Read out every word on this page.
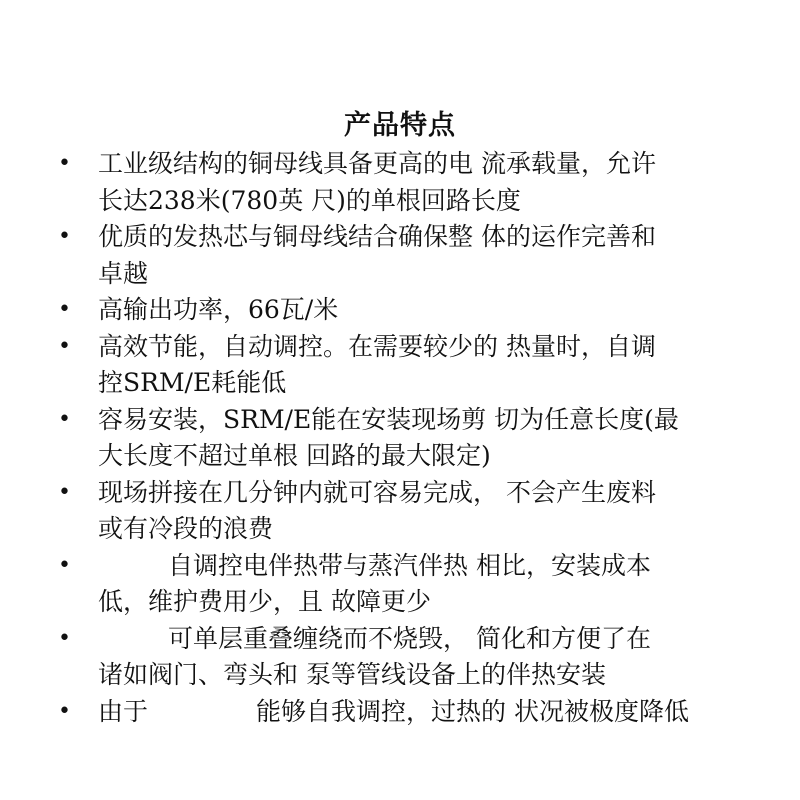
产品特点
• 工业级结构的铜母线具备更高的电 流承载量，允许
长达238米(780英 尺)的单根回路长度
• 优质的发热芯与铜母线结合确保整 体的运作完善和
卓越
• 高输出功率，66瓦/米
• 高效节能，自动调控。在需要较少的 热量时，自调
控SRM/E耗能低
• 容易安装，SRM/E能在安装现场剪 切为任意长度(最
大长度不超过单根 回路的最大限定)
• 现场拼接在几分钟内就可容易完成， 不会产生废料
或有冷段的浪费
•	自调控电伴热带与蒸汽伴热 相比，安装成本
低，维护费用少，且 故障更少
•	可单层重叠缠绕而不烧毁， 简化和方便了在
诸如阀门、弯头和 泵等管线设备上的伴热安装
• 由于	能够自我调控，过热的 状况被极度降低
